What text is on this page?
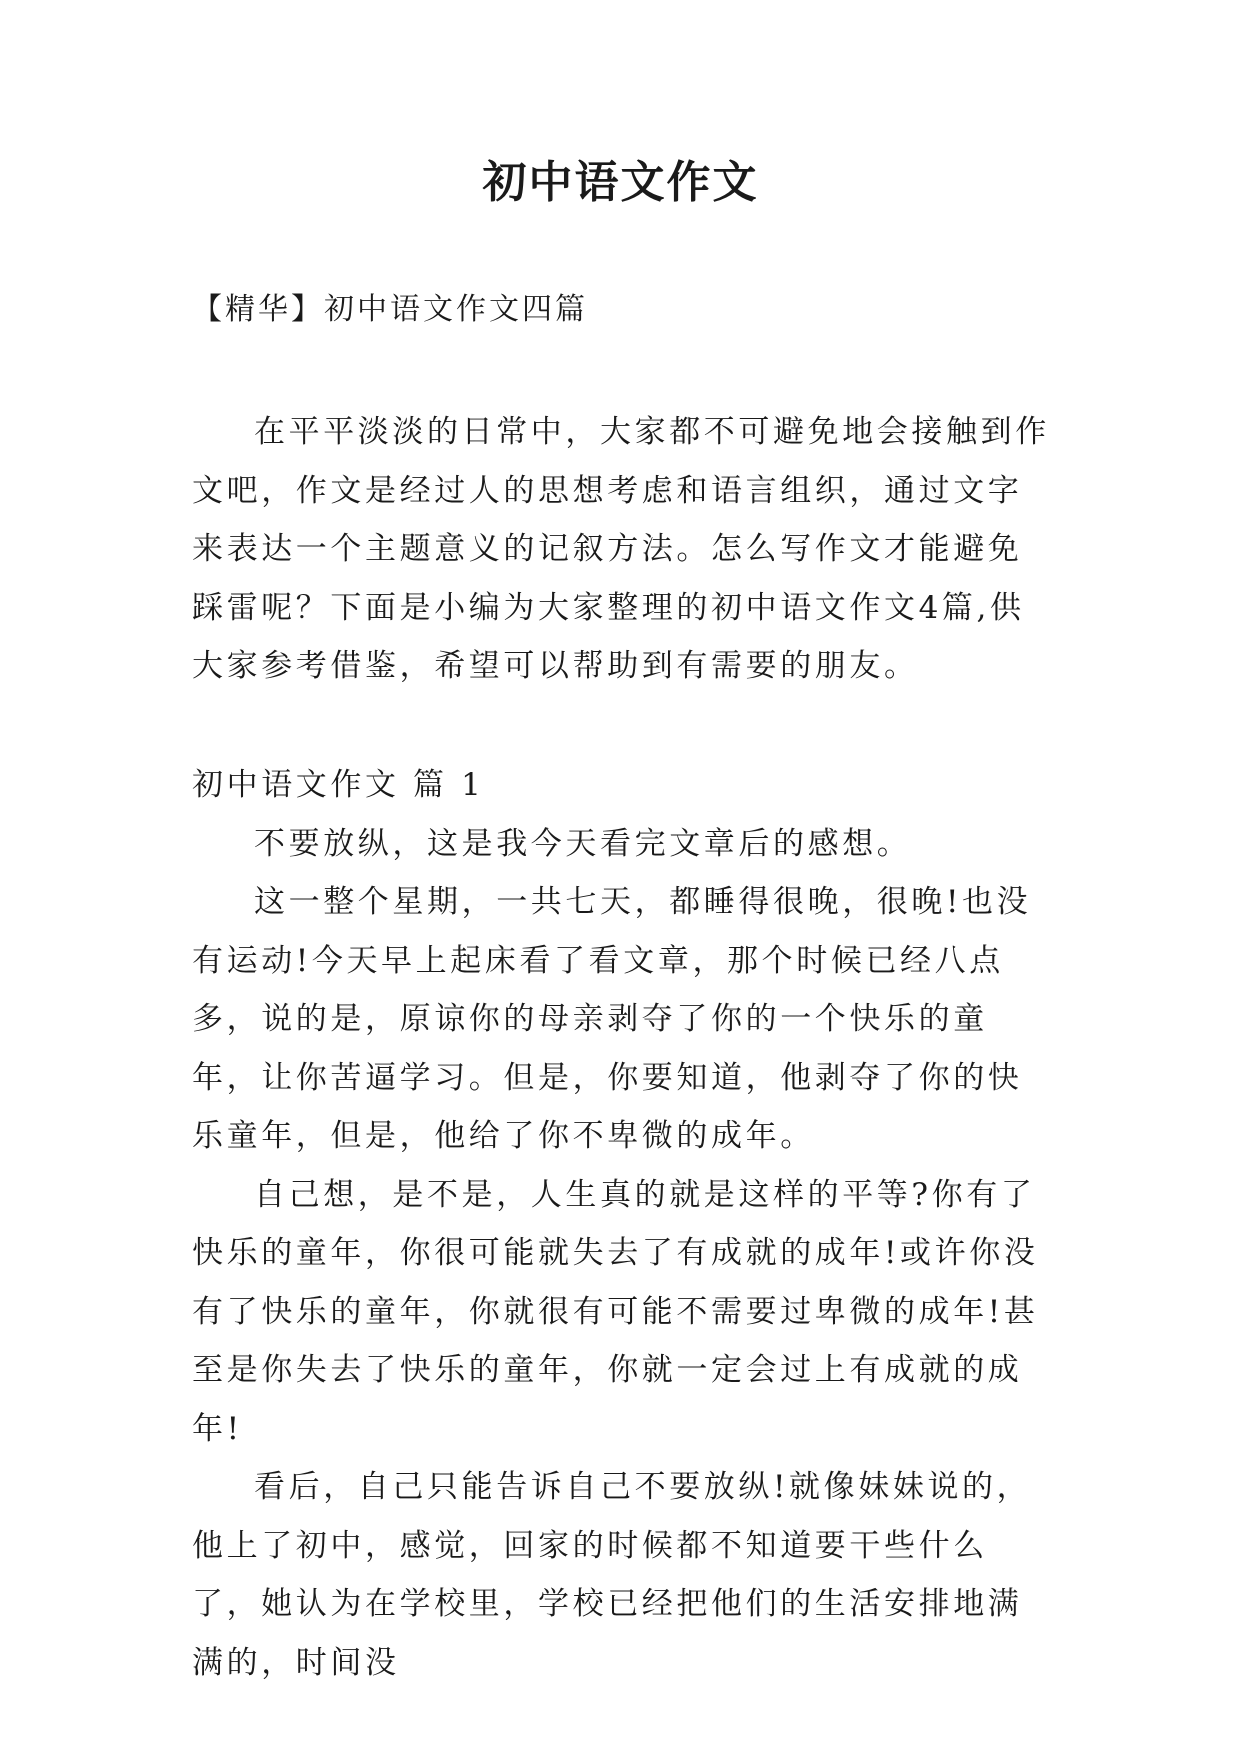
初中语文作文

【精华】初中语文作文四篇

在平平淡淡的日常中，大家都不可避免地会接触到作文吧，作文是经过人的思想考虑和语言组织，通过文字来表达一个主题意义的记叙方法。怎么写作文才能避免踩雷呢？下面是小编为大家整理的初中语文作文4篇,供大家参考借鉴，希望可以帮助到有需要的朋友。

初中语文作文 篇 1

不要放纵，这是我今天看完文章后的感想。

这一整个星期，一共七天，都睡得很晚，很晚!也没有运动!今天早上起床看了看文章，那个时候已经八点多，说的是，原谅你的母亲剥夺了你的一个快乐的童年，让你苦逼学习。但是，你要知道，他剥夺了你的快乐童年，但是，他给了你不卑微的成年。

自己想，是不是，人生真的就是这样的平等?你有了快乐的童年，你很可能就失去了有成就的成年!或许你没有了快乐的童年，你就很有可能不需要过卑微的成年!甚至是你失去了快乐的童年，你就一定会过上有成就的成年!

看后，自己只能告诉自己不要放纵!就像妹妹说的，他上了初中，感觉，回家的时候都不知道要干些什么了，她认为在学校里，学校已经把他们的生活安排地满满的，时间没
